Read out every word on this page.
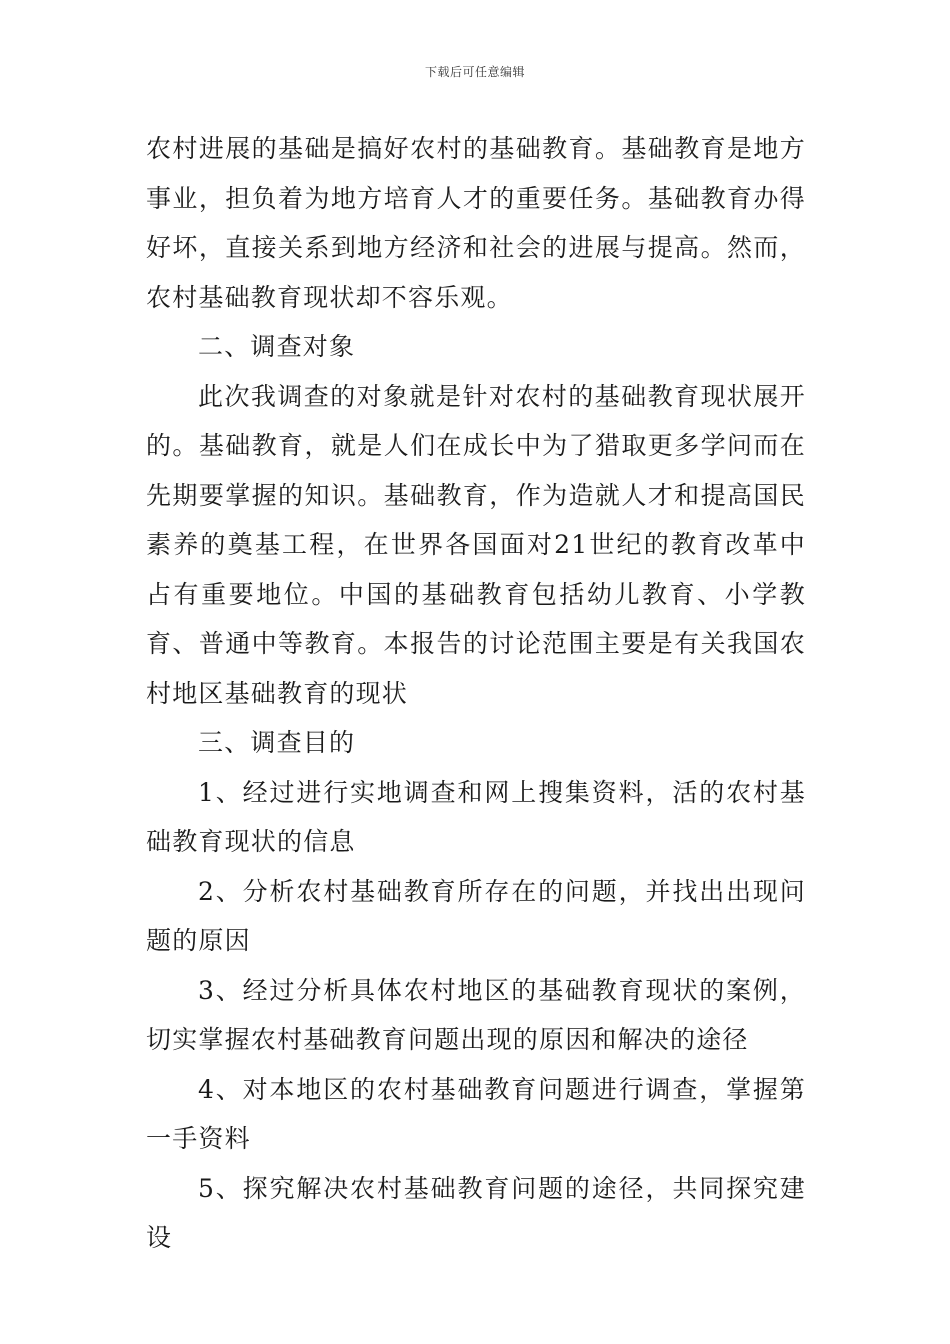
下载后可任意编辑

农村进展的基础是搞好农村的基础教育。基础教育是地方事业，担负着为地方培育人才的重要任务。基础教育办得好坏，直接关系到地方经济和社会的进展与提高。然而，农村基础教育现状却不容乐观。

二、调查对象

此次我调查的对象就是针对农村的基础教育现状展开的。基础教育，就是人们在成长中为了猎取更多学问而在先期要掌握的知识。基础教育，作为造就人才和提高国民素养的奠基工程，在世界各国面对21世纪的教育改革中占有重要地位。中国的基础教育包括幼儿教育、小学教育、普通中等教育。本报告的讨论范围主要是有关我国农村地区基础教育的现状

三、调查目的

1、经过进行实地调查和网上搜集资料，活的农村基础教育现状的信息

2、分析农村基础教育所存在的问题，并找出出现问题的原因

3、经过分析具体农村地区的基础教育现状的案例，切实掌握农村基础教育问题出现的原因和解决的途径

4、对本地区的农村基础教育问题进行调查，掌握第一手资料

5、探究解决农村基础教育问题的途径，共同探究建设
